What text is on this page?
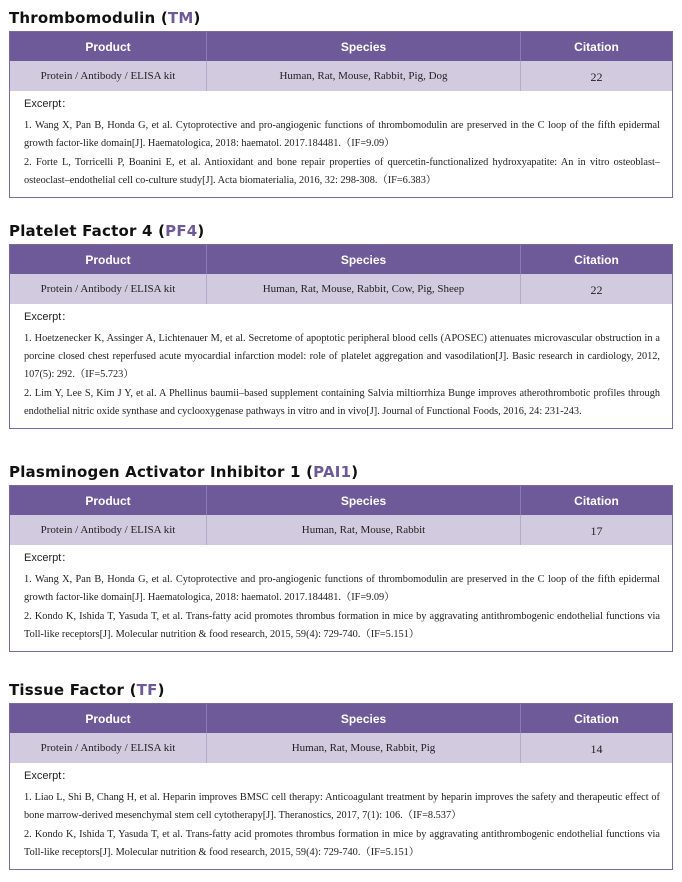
Thrombomodulin (TM)
Product	Species	Citation
Protein / Antibody / ELISA kit	Human, Rat, Mouse, Rabbit, Pig, Dog	22
Excerpt：

1. Wang X, Pan B, Honda G, et al. Cytoprotective and pro-angiogenic functions of thrombomodulin are preserved in the C loop of the fifth epidermal growth factor-like domain[J]. Haematologica, 2018: haematol. 2017.184481.（IF=9.09）

2. Forte L, Torricelli P, Boanini E, et al. Antioxidant and bone repair properties of quercetin-functionalized hydroxyapatite: An in vitro osteoblast–osteoclast–endothelial cell co-culture study[J]. Acta biomaterialia, 2016, 32: 298-308.（IF=6.383）

Platelet Factor 4 (PF4)
Product	Species	Citation
Protein / Antibody / ELISA kit	Human, Rat, Mouse, Rabbit, Cow, Pig, Sheep	22
Excerpt：

1. Hoetzenecker K, Assinger A, Lichtenauer M, et al. Secretome of apoptotic peripheral blood cells (APOSEC) attenuates microvascular obstruction in a porcine closed chest reperfused acute myocardial infarction model: role of platelet aggregation and vasodilation[J]. Basic research in cardiology, 2012, 107(5): 292.（IF=5.723）

2. Lim Y, Lee S, Kim J Y, et al. A Phellinus baumii–based supplement containing Salvia miltiorrhiza Bunge improves atherothrombotic profiles through endothelial nitric oxide synthase and cyclooxygenase pathways in vitro and in vivo[J]. Journal of Functional Foods, 2016, 24: 231-243.

Plasminogen Activator Inhibitor 1 (PAI1)
Product	Species	Citation
Protein / Antibody / ELISA kit	Human, Rat, Mouse, Rabbit	17
Excerpt：

1. Wang X, Pan B, Honda G, et al. Cytoprotective and pro-angiogenic functions of thrombomodulin are preserved in the C loop of the fifth epidermal growth factor-like domain[J]. Haematologica, 2018: haematol. 2017.184481.（IF=9.09）

2. Kondo K, Ishida T, Yasuda T, et al. Trans-fatty acid promotes thrombus formation in mice by aggravating antithrombogenic endothelial functions via Toll-like receptors[J]. Molecular nutrition & food research, 2015, 59(4): 729-740.（IF=5.151）

Tissue Factor (TF)
Product	Species	Citation
Protein / Antibody / ELISA kit	Human, Rat, Mouse, Rabbit, Pig	14
Excerpt：

1. Liao L, Shi B, Chang H, et al. Heparin improves BMSC cell therapy: Anticoagulant treatment by heparin improves the safety and therapeutic effect of bone marrow-derived mesenchymal stem cell cytotherapy[J]. Theranostics, 2017, 7(1): 106.（IF=8.537）

2. Kondo K, Ishida T, Yasuda T, et al. Trans-fatty acid promotes thrombus formation in mice by aggravating antithrombogenic endothelial functions via Toll-like receptors[J]. Molecular nutrition & food research, 2015, 59(4): 729-740.（IF=5.151）
